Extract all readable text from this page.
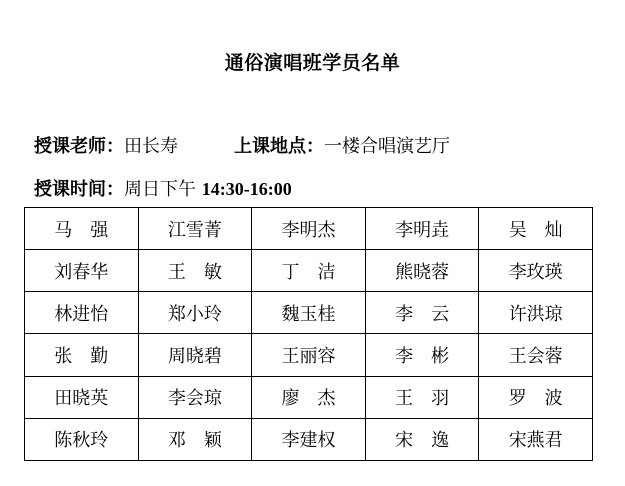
通俗演唱班学员名单
授课老师：田长寿	上课地点：一楼合唱演艺厅
授课时间：周日下午 14:30-16:00
马　强	江雪菁	李明杰	李明垚	吴　灿
刘春华	王　敏	丁　洁	熊晓蓉	李玫瑛
林进怡	郑小玲	魏玉桂	李　云	许洪琼
张　勤	周晓碧	王丽容	李　彬	王会蓉
田晓英	李会琼	廖　杰	王　羽	罗　波
陈秋玲	邓　颖	李建权	宋　逸	宋燕君
